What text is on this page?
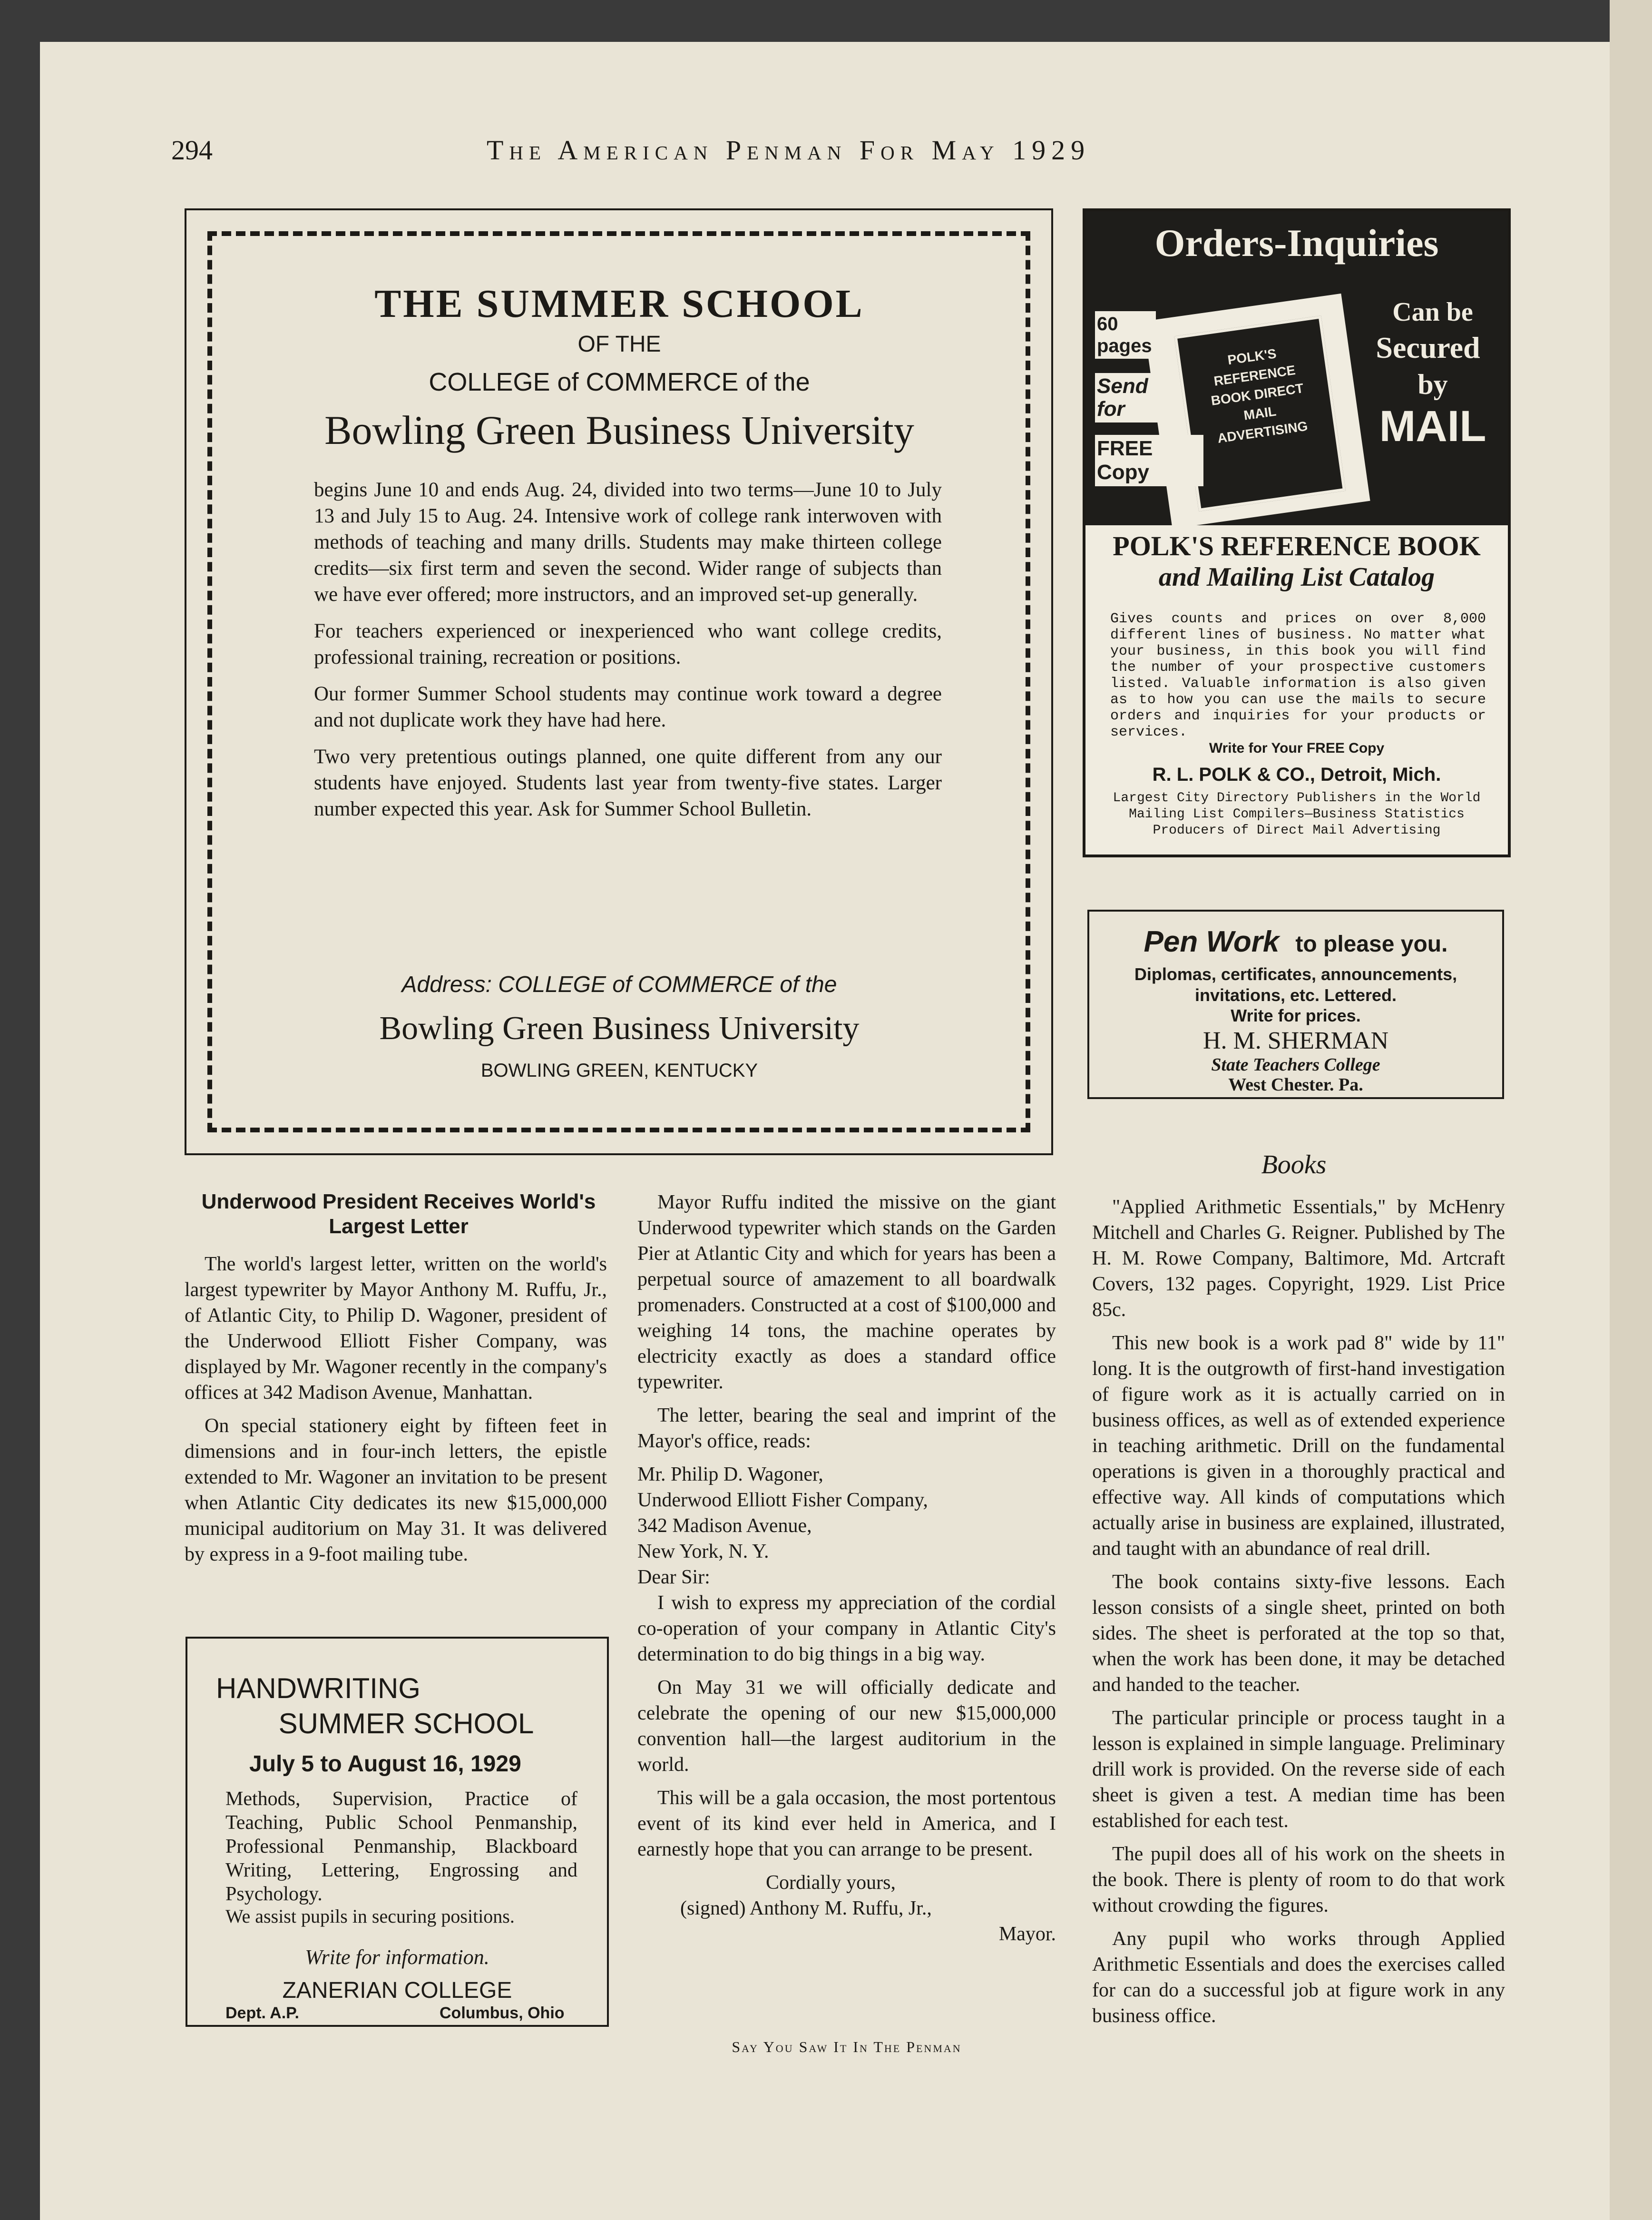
294	The American Penman For May 1929
THE SUMMER SCHOOL
OF THE
COLLEGE of COMMERCE of the
Bowling Green Business University

begins June 10 and ends Aug. 24, divided into two terms—June 10 to July 13 and July 15 to Aug. 24. Intensive work of college rank interwoven with methods of teaching and many drills. Students may make thirteen college credits—six first term and seven the second. Wider range of subjects than we have ever offered; more instructors, and an improved set-up generally.

For teachers experienced or inexperienced who want college credits, professional training, recreation or positions.

Our former Summer School students may continue work toward a degree and not duplicate work they have had here.

Two very pretentious outings planned, one quite different from any our students have enjoyed. Students last year from twenty-five states. Larger number expected this year. Ask for Summer School Bulletin.

Address: COLLEGE of COMMERCE of the
Bowling Green Business University
BOWLING GREEN, KENTUCKY
Orders-Inquiries
POLK'S REFERENCE BOOK DIRECT MAIL ADVERTISING
60 pages
Send for
FREE Copy
Can be
Secured
by
MAIL
POLK'S REFERENCE BOOK
and Mailing List Catalog
Gives counts and prices on over 8,000 different lines of business. No matter what your business, in this book you will find the number of your prospective customers listed. Valuable information is also given as to how you can use the mails to secure orders and inquiries for your products or services.
Write for Your FREE Copy
R. L. POLK & CO., Detroit, Mich.
Largest City Directory Publishers in the World
Mailing List Compilers—Business Statistics
Producers of Direct Mail Advertising
Pen Work to please you.
Diplomas, certificates, announcements, invitations, etc. Lettered.
Write for prices.
H. M. SHERMAN
State Teachers College
West Chester. Pa.
Underwood President Receives World's Largest Letter

The world's largest letter, written on the world's largest typewriter by Mayor Anthony M. Ruffu, Jr., of Atlantic City, to Philip D. Wagoner, president of the Underwood Elliott Fisher Company, was displayed by Mr. Wagoner recently in the company's offices at 342 Madison Avenue, Manhattan.

On special stationery eight by fifteen feet in dimensions and in four-inch letters, the epistle extended to Mr. Wagoner an invitation to be present when Atlantic City dedicates its new $15,000,000 municipal auditorium on May 31. It was delivered by express in a 9-foot mailing tube.

HANDWRITING
SUMMER SCHOOL
July 5 to August 16, 1929
Methods, Supervision, Practice of Teaching, Public School Penmanship, Professional Penmanship, Blackboard Writing, Lettering, Engrossing and Psychology.
We assist pupils in securing positions.
Write for information.
ZANERIAN COLLEGE
Dept. A.P.	Columbus, Ohio

Mayor Ruffu indited the missive on the giant Underwood typewriter which stands on the Garden Pier at Atlantic City and which for years has been a perpetual source of amazement to all boardwalk promenaders. Constructed at a cost of $100,000 and weighing 14 tons, the machine operates by electricity exactly as does a standard office typewriter.

The letter, bearing the seal and imprint of the Mayor's office, reads:

Mr. Philip D. Wagoner,
Underwood Elliott Fisher Company,
342 Madison Avenue,
New York, N. Y.
Dear Sir:

I wish to express my appreciation of the cordial co-operation of your company in Atlantic City's determination to do big things in a big way.

On May 31 we will officially dedicate and celebrate the opening of our new $15,000,000 convention hall—the largest auditorium in the world.

This will be a gala occasion, the most portentous event of its kind ever held in America, and I earnestly hope that you can arrange to be present.

Cordially yours,
(signed) Anthony M. Ruffu, Jr.,
Mayor.
Books

"Applied Arithmetic Essentials," by McHenry Mitchell and Charles G. Reigner. Published by The H. M. Rowe Company, Baltimore, Md. Artcraft Covers, 132 pages. Copyright, 1929. List Price 85c.

This new book is a work pad 8" wide by 11" long. It is the outgrowth of first-hand investigation of figure work as it is actually carried on in business offices, as well as of extended experience in teaching arithmetic. Drill on the fundamental operations is given in a thoroughly practical and effective way. All kinds of computations which actually arise in business are explained, illustrated, and taught with an abundance of real drill.

The book contains sixty-five lessons. Each lesson consists of a single sheet, printed on both sides. The sheet is perforated at the top so that, when the work has been done, it may be detached and handed to the teacher.

The particular principle or process taught in a lesson is explained in simple language. Preliminary drill work is provided. On the reverse side of each sheet is given a test. A median time has been established for each test.

The pupil does all of his work on the sheets in the book. There is plenty of room to do that work without crowding the figures.

Any pupil who works through Applied Arithmetic Essentials and does the exercises called for can do a successful job at figure work in any business office.

Say You Saw It In The Penman
